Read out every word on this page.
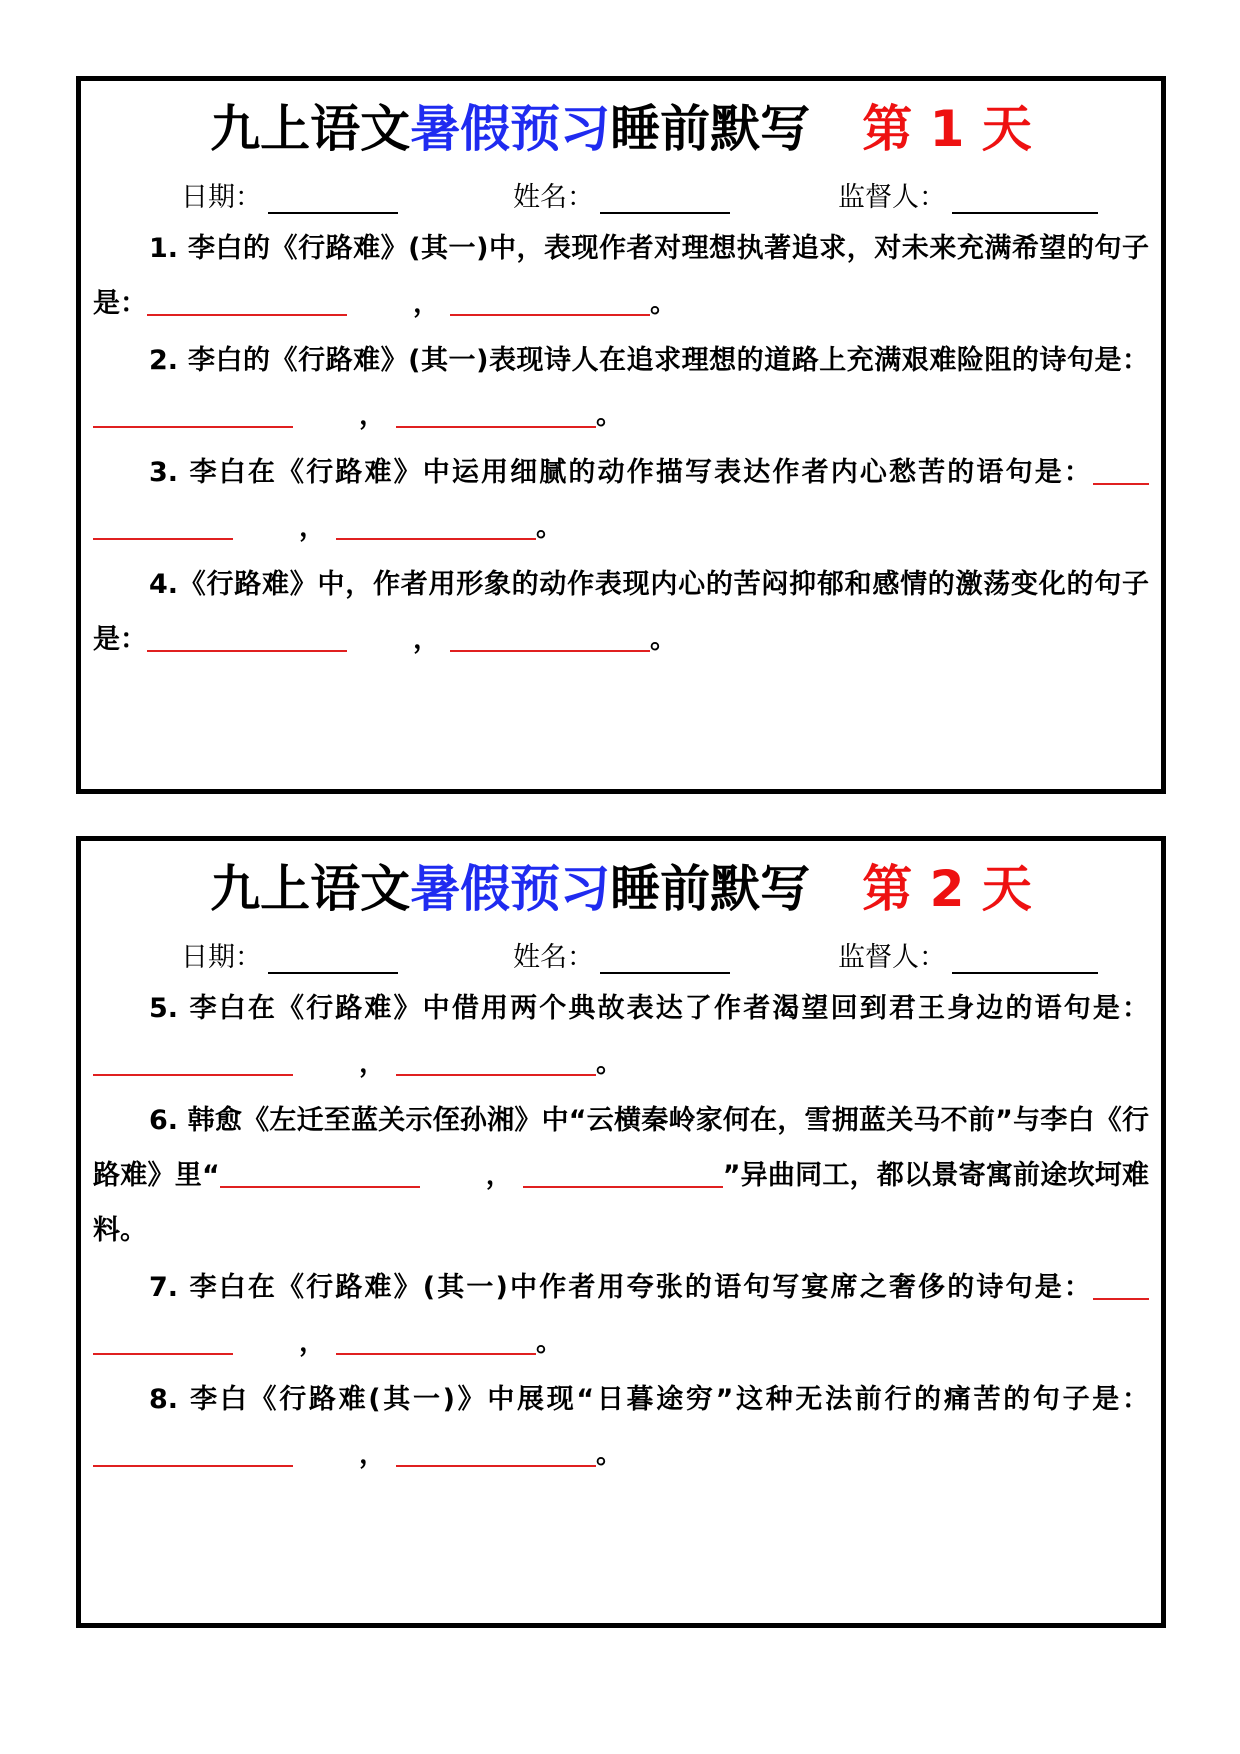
九上语文暑假预习睡前默写 第 1 天
日期：	姓名：	监督人：
1. 李白的《行路难》(其一)中，表现作者对理想执著追求，对未来充满希望的句子是：	，	。
2. 李白的《行路难》(其一)表现诗人在追求理想的道路上充满艰难险阻的诗句是：，	。
3. 李白在《行路难》中运用细腻的动作描写表达作者内心愁苦的语句是：，	。
4.《行路难》中，作者用形象的动作表现内心的苦闷抑郁和感情的激荡变化的句子是：	，	。
九上语文暑假预习睡前默写 第 2 天
日期：	姓名：	监督人：
5. 李白在《行路难》中借用两个典故表达了作者渴望回到君王身边的语句是：，	。
6. 韩愈《左迁至蓝关示侄孙湘》中“云横秦岭家何在，雪拥蓝关马不前”与李白《行路难》里“	，	”异曲同工，都以景寄寓前途坎坷难料。
7. 李白在《行路难》(其一)中作者用夸张的语句写宴席之奢侈的诗句是：，	。
8. 李白《行路难(其一)》中展现“日暮途穷”这种无法前行的痛苦的句子是：，	。
